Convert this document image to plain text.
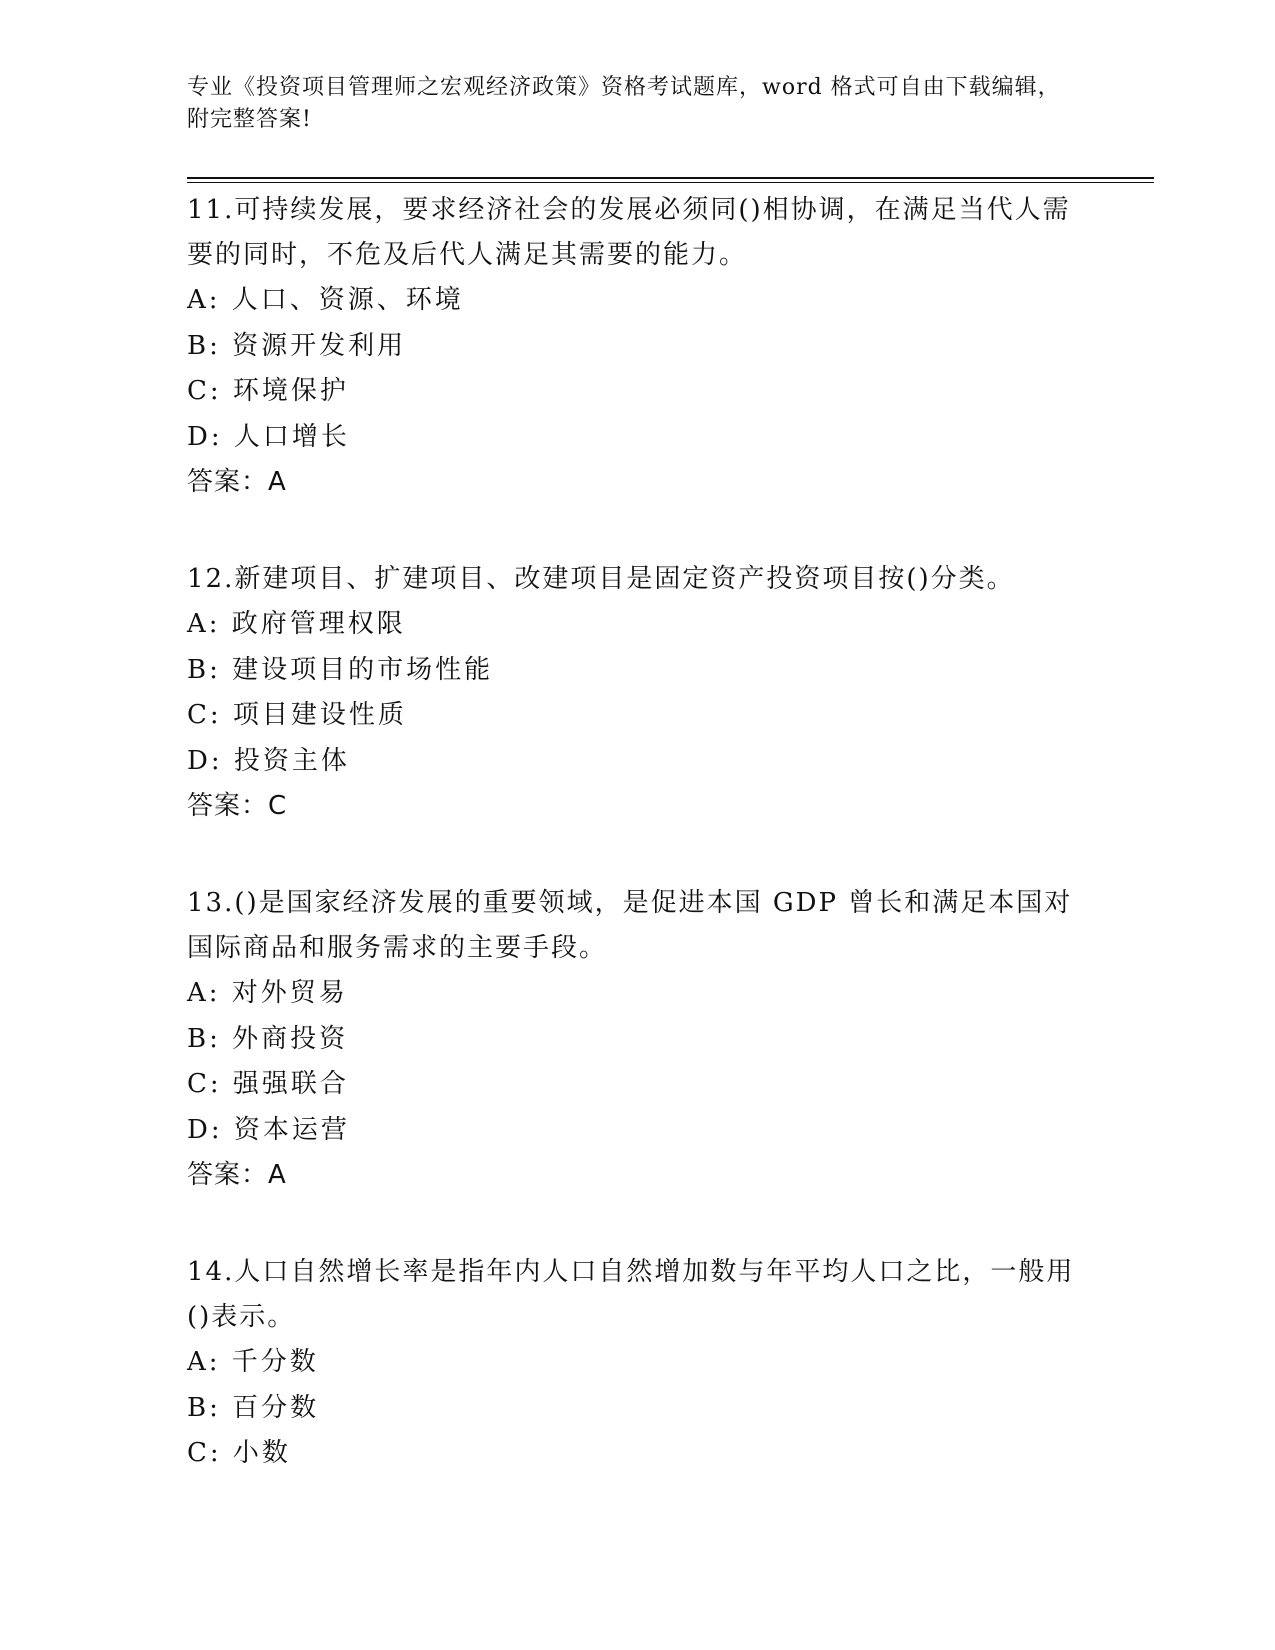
专业《投资项目管理师之宏观经济政策》资格考试题库，word 格式可自由下载编辑，附完整答案!

11.可持续发展，要求经济社会的发展必须同()相协调，在满足当代人需要的同时，不危及后代人满足其需要的能力。

A: 人口、资源、环境

B: 资源开发利用

C: 环境保护

D: 人口增长

答案：A

12.新建项目、扩建项目、改建项目是固定资产投资项目按()分类。

A: 政府管理权限

B: 建设项目的市场性能

C: 项目建设性质

D: 投资主体

答案：C

13.()是国家经济发展的重要领域，是促进本国 GDP 曾长和满足本国对国际商品和服务需求的主要手段。

A: 对外贸易

B: 外商投资

C: 强强联合

D: 资本运营

答案：A

14.人口自然增长率是指年内人口自然增加数与年平均人口之比，一般用()表示。

A: 千分数

B: 百分数

C: 小数
